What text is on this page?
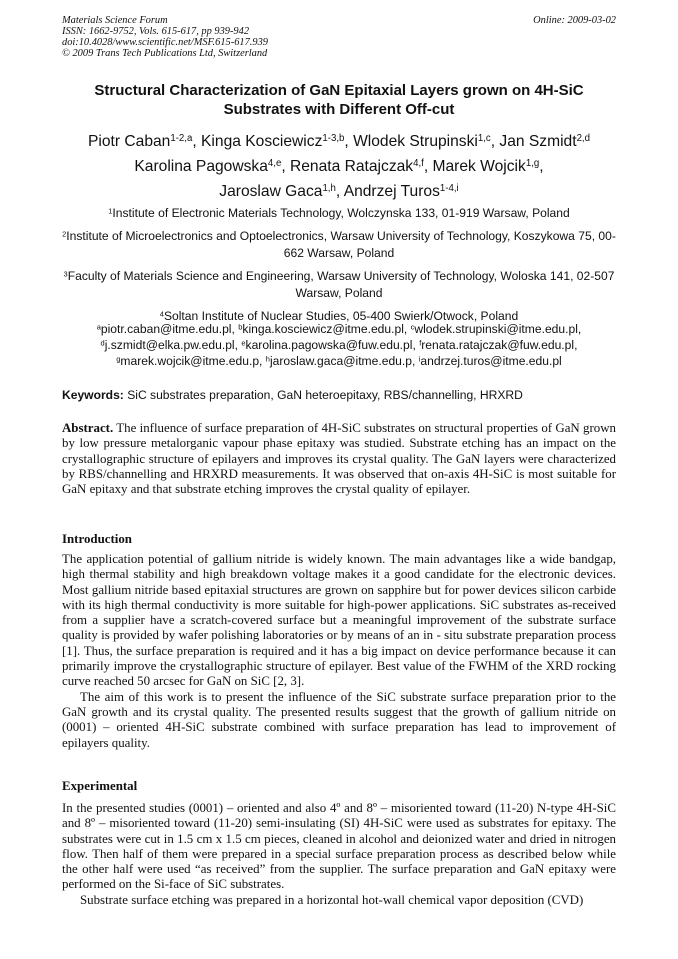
Materials Science Forum
ISSN: 1662-9752, Vols. 615-617, pp 939-942
doi:10.4028/www.scientific.net/MSF.615-617.939
© 2009 Trans Tech Publications Ltd, Switzerland
Online: 2009-03-02
Structural Characterization of GaN Epitaxial Layers grown on 4H-SiC Substrates with Different Off-cut
Piotr Caban$^{1-2,a}$, Kinga Kosciewicz$^{1-3,b}$, Wlodek Strupinski$^{1,c}$, Jan Szmidt$^{2,d}$
Karolina Pagowska$^{4,e}$, Renata Ratajczak$^{4,f}$, Marek Wojcik$^{1,g}$,
Jaroslaw Gaca$^{1,h}$, Andrzej Turos$^{1-4,i}$

$^1$Institute of Electronic Materials Technology, Wolczynska 133, 01-919 Warsaw, Poland

$^2$Institute of Microelectronics and Optoelectronics, Warsaw University of Technology, Koszykowa 75, 00-662 Warsaw, Poland

$^3$Faculty of Materials Science and Engineering, Warsaw University of Technology, Woloska 141, 02-507 Warsaw, Poland

$^4$Soltan Institute of Nuclear Studies, 05-400 Swierk/Otwock, Poland

$^a$piotr.caban@itme.edu.pl, $^b$kinga.kosciewicz@itme.edu.pl, $^c$wlodek.strupinski@itme.edu.pl,
$^d$j.szmidt@elka.pw.edu.pl, $^e$karolina.pagowska@fuw.edu.pl, $^f$renata.ratajczak@fuw.edu.pl,
$^g$marek.wojcik@itme.edu.p, $^h$jaroslaw.gaca@itme.edu.p, $^i$andrzej.turos@itme.edu.pl
Keywords: SiC substrates preparation, GaN heteroepitaxy, RBS/channelling, HRXRD
Abstract. The influence of surface preparation of 4H-SiC substrates on structural properties of GaN grown by low pressure metalorganic vapour phase epitaxy was studied. Substrate etching has an impact on the crystallographic structure of epilayers and improves its crystal quality. The GaN layers were characterized by RBS/channelling and HRXRD measurements. It was observed that on-axis 4H-SiC is most suitable for GaN epitaxy and that substrate etching improves the crystal quality of epilayer.
Introduction

The application potential of gallium nitride is widely known. The main advantages like a wide bandgap, high thermal stability and high breakdown voltage makes it a good candidate for the electronic devices. Most gallium nitride based epitaxial structures are grown on sapphire but for power devices silicon carbide with its high thermal conductivity is more suitable for high-power applications. SiC substrates as-received from a supplier have a scratch-covered surface but a meaningful improvement of the substrate surface quality is provided by wafer polishing laboratories or by means of an in - situ substrate preparation process [1]. Thus, the surface preparation is required and it has a big impact on device performance because it can primarily improve the crystallographic structure of epilayer. Best value of the FWHM of the XRD rocking curve reached 50 arcsec for GaN on SiC [2, 3].

The aim of this work is to present the influence of the SiC substrate surface preparation prior to the GaN growth and its crystal quality. The presented results suggest that the growth of gallium nitride on (0001) – oriented 4H-SiC substrate combined with surface preparation has lead to improvement of epilayers quality.

Experimental

In the presented studies (0001) – oriented and also 4º and 8º – misoriented toward (11-20) N-type 4H-SiC and 8º – misoriented toward (11-20) semi-insulating (SI) 4H-SiC were used as substrates for epitaxy. The substrates were cut in 1.5 cm x 1.5 cm pieces, cleaned in alcohol and deionized water and dried in nitrogen flow. Then half of them were prepared in a special surface preparation process as described below while the other half were used “as received” from the supplier. The surface preparation and GaN epitaxy were performed on the Si-face of SiC substrates.

Substrate surface etching was prepared in a horizontal hot-wall chemical vapor deposition (CVD)
